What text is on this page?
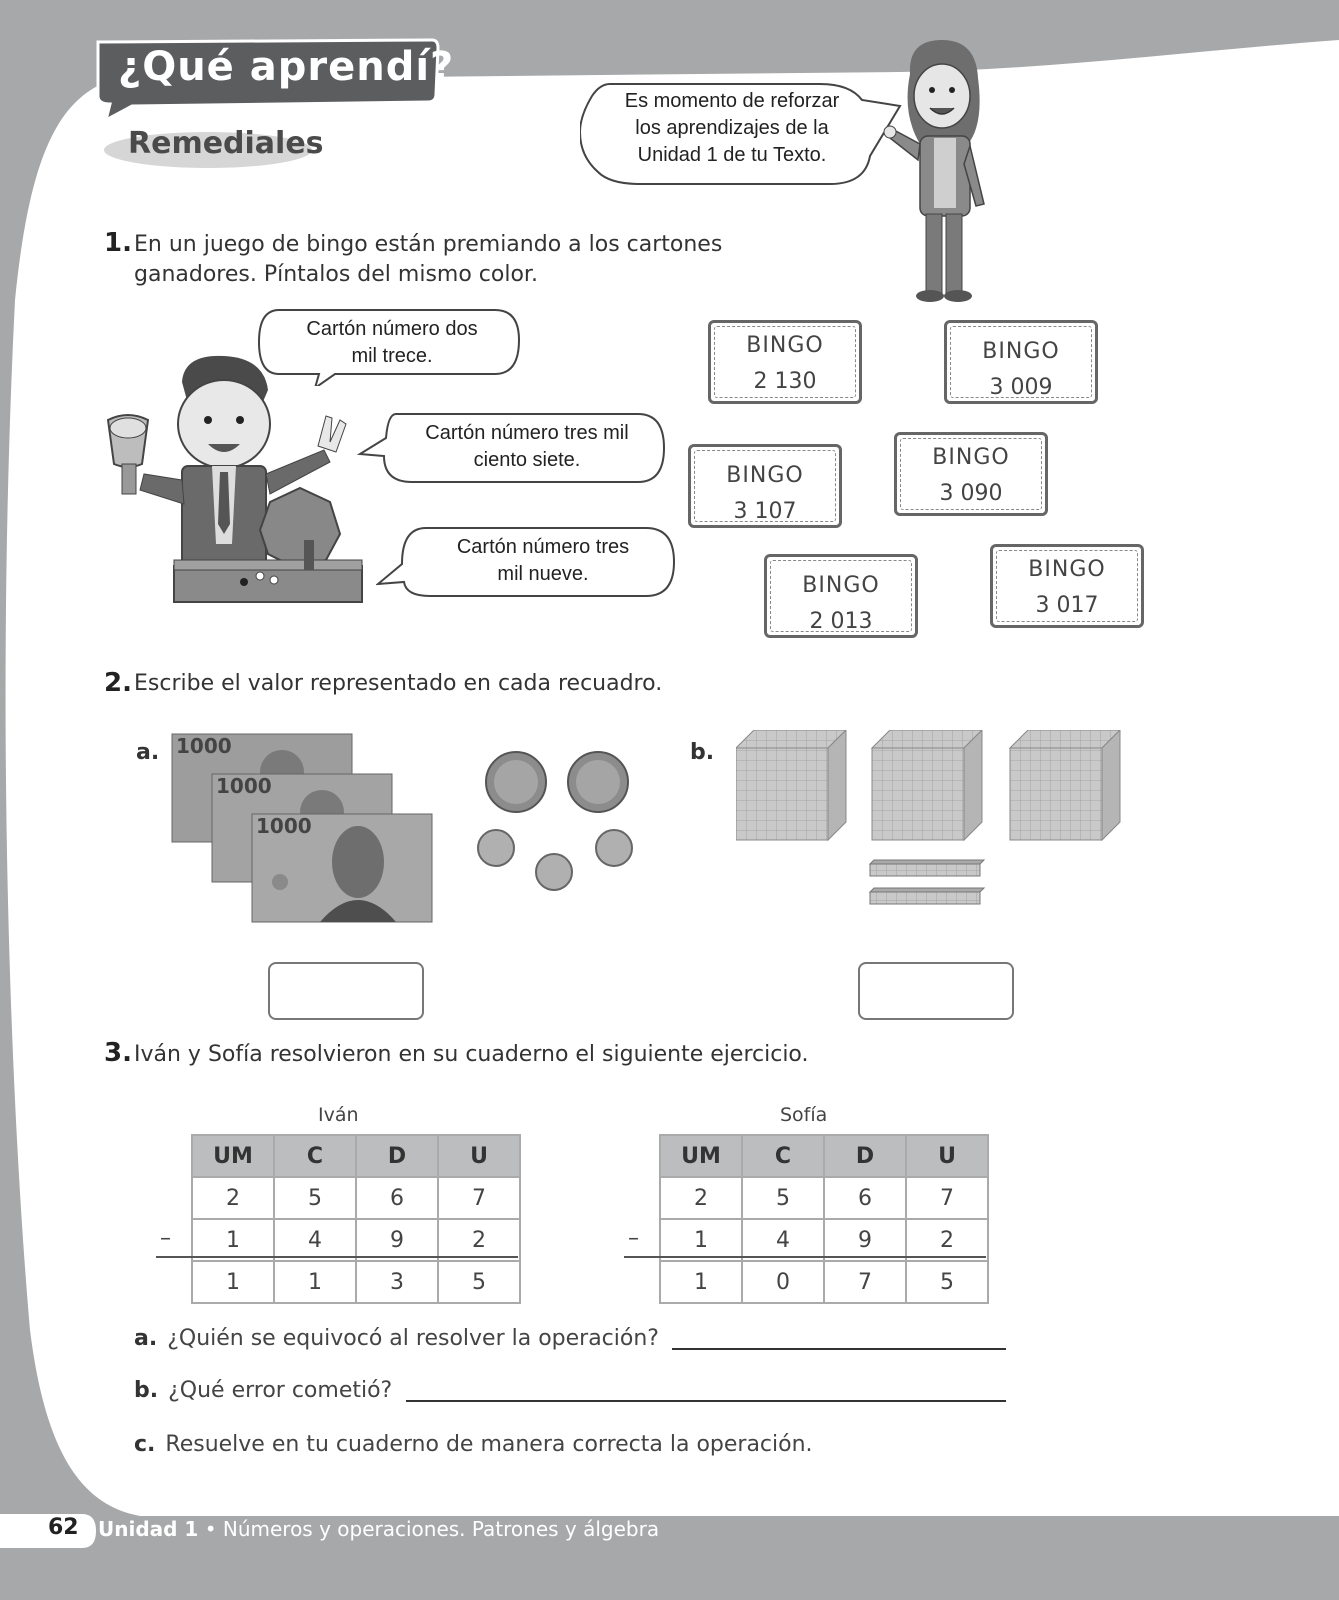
¿Qué aprendí?
Remediales
Es momento de reforzar
los aprendizajes de la
Unidad 1 de tu Texto.
1. En un juego de bingo están premiando a los cartones
ganadores. Píntalos del mismo color.
Cartón número dos
mil trece.
Cartón número tres mil
ciento siete.
Cartón número tres
mil nueve.
BINGO
2 130
BINGO
3 009
BINGO
3 107
BINGO
3 090
BINGO
2 013
BINGO
3 017
2. Escribe el valor representado en cada recuadro.
a.	b.
1000
1000
1000
3. Iván y Sofía resolvieron en su cuaderno el siguiente ejercicio.
Iván	Sofía
UM	C	D	U
2	5	6	7
1	4	9	2
1	1	3	5
–
UM	C	D	U
2	5	6	7
1	4	9	2
1	0	7	5
–
a. ¿Quién se equivocó al resolver la operación?
b. ¿Qué error cometió?
c. Resuelve en tu cuaderno de manera correcta la operación.
62 Unidad 1 • Números y operaciones. Patrones y álgebra
